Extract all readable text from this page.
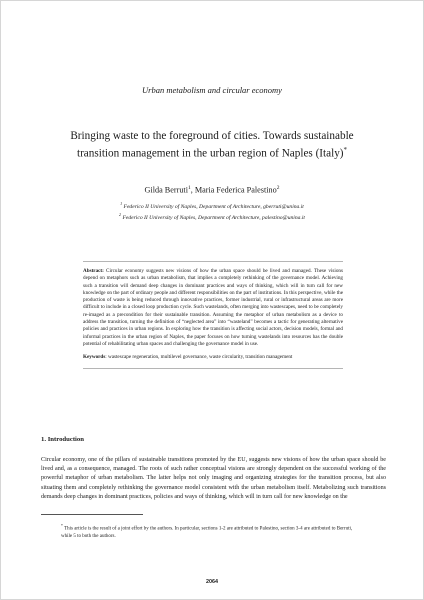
Urban metabolism and circular economy
Bringing waste to the foreground of cities. Towards sustainable transition management in the urban region of Naples (Italy)*
Gilda Berruti$^1$, Maria Federica Palestino$^2$
$^1$ Federico II University of Naples, Department of Architecture, gberruti@unina.it
$^2$ Federico II University of Naples, Department of Architecture, palestino@unina.it

Abstract: Circular economy suggests new visions of how the urban space should be lived and managed. These visions depend on metaphors such as urban metabolism, that implies a completely rethinking of the governance model. Achieving such a transition will demand deep changes in dominant practices and ways of thinking, which will in turn call for new knowledge on the part of ordinary people and different responsibilities on the part of institutions. In this perspective, while the production of waste is being reduced through innovative practices, former industrial, rural or infrastructural areas are more difficult to include in a closed loop production cycle. Such wastelands, often merging into wastescapes, need to be completely re-imaged as a precondition for their sustainable transition. Assuming the metaphor of urban metabolism as a device to address the transition, turning the definition of “neglected area” into “wasteland” becomes a tactic for generating alternative policies and practices in urban regions. In exploring how the transition is affecting social actors, decision models, formal and informal practices in the urban region of Naples, the paper focuses on how turning wastelands into resources has the double potential of rehabilitating urban spaces and challenging the governance model in use.

Keywords: wastescape regeneration, multilevel governance, waste circularity, transition management

1. Introduction

Circular economy, one of the pillars of sustainable transitions promoted by the EU, suggests new visions of how the urban space should be lived and, as a consequence, managed. The roots of such rather conceptual visions are strongly dependent on the successful working of the powerful metaphor of urban metabolism. The latter helps not only imaging and organizing strategies for the transition process, but also situating them and completely rethinking the governance model consistent with the urban metabolism itself. Metabolizing such transitions demands deep changes in dominant practices, policies and ways of thinking, which will in turn call for new knowledge on the

* This article is the result of a joint effort by the authors. In particular, sections 1-2 are attributed to Palestino, section 3-4 are attributed to Berruti, while 5 to both the authors.

2064
